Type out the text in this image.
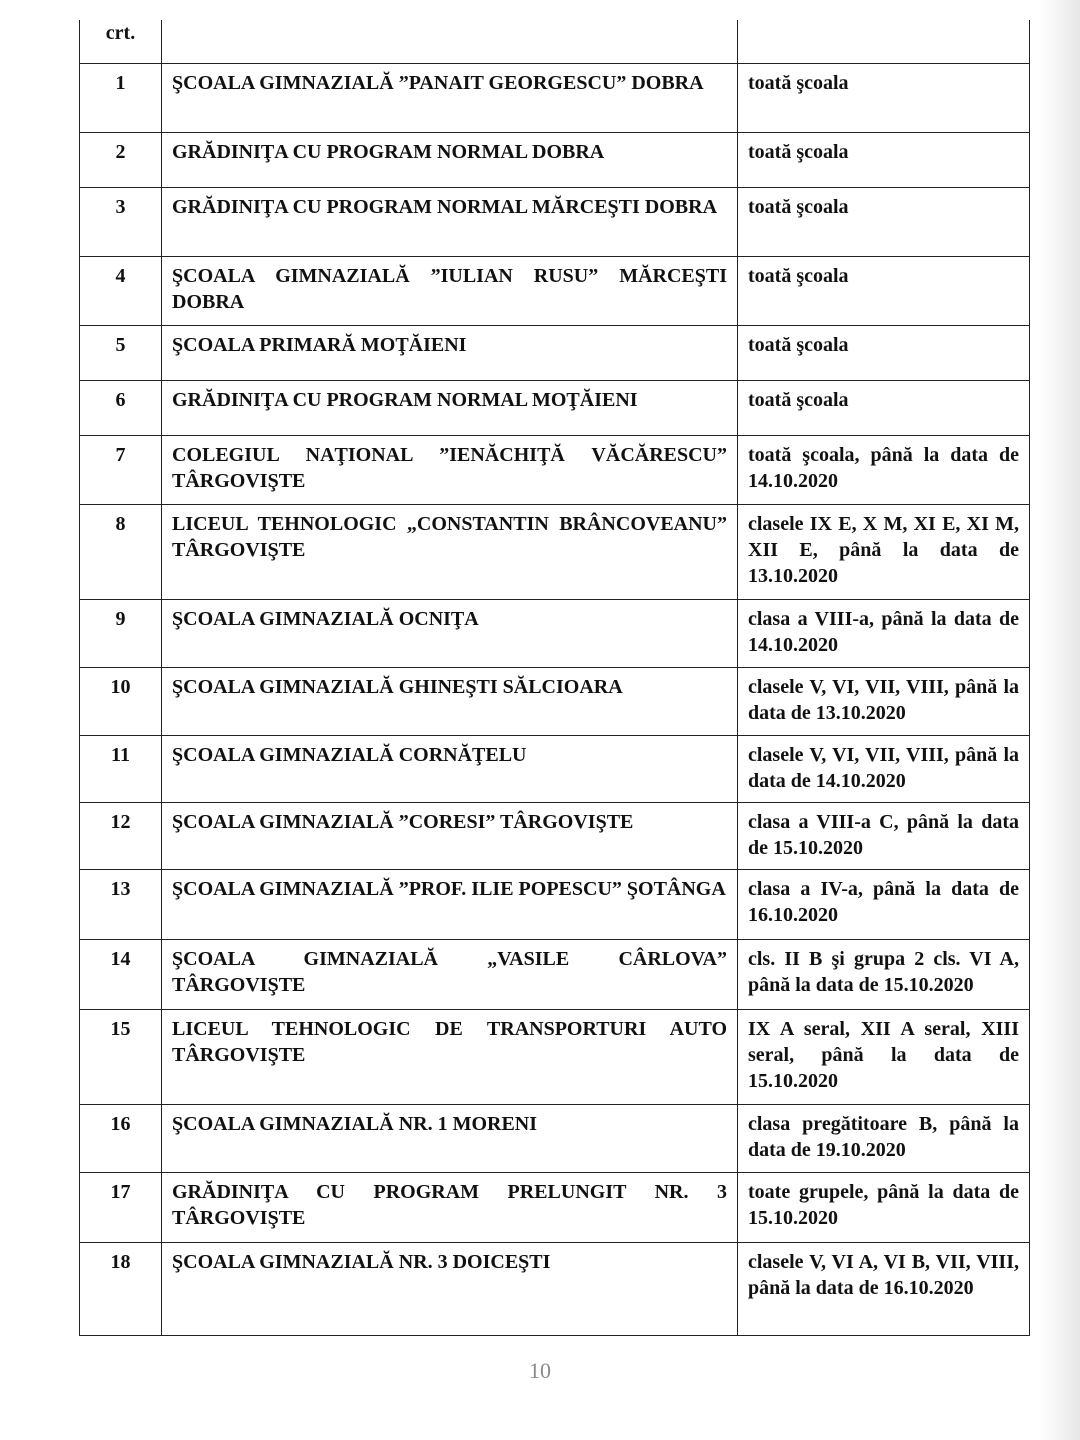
crt.		
1	ŞCOALA GIMNAZIALĂ ”PANAIT GEORGESCU” DOBRA	toată şcoala
2	GRĂDINIŢA CU PROGRAM NORMAL DOBRA	toată şcoala
3	GRĂDINIŢA CU PROGRAM NORMAL MĂRCEŞTI DOBRA	toată şcoala
4	ŞCOALA GIMNAZIALĂ ”IULIAN RUSU” MĂRCEŞTI DOBRA	toată şcoala
5	ŞCOALA PRIMARĂ MOŢĂIENI	toată şcoala
6	GRĂDINIŢA CU PROGRAM NORMAL MOŢĂIENI	toată şcoala
7	COLEGIUL NAŢIONAL ”IENĂCHIŢĂ VĂCĂRESCU” TÂRGOVIŞTE	toată şcoala, până la data de 14.10.2020
8	LICEUL TEHNOLOGIC „CONSTANTIN BRÂNCOVEANU” TÂRGOVIŞTE	clasele IX E, X M, XI E, XI M, XII E, până la data de 13.10.2020
9	ŞCOALA GIMNAZIALĂ OCNIŢA	clasa a VIII-a, până la data de 14.10.2020
10	ŞCOALA GIMNAZIALĂ GHINEŞTI SĂLCIOARA	clasele V, VI, VII, VIII, până la data de 13.10.2020
11	ŞCOALA GIMNAZIALĂ CORNĂŢELU	clasele V, VI, VII, VIII, până la data de 14.10.2020
12	ŞCOALA GIMNAZIALĂ ”CORESI” TÂRGOVIŞTE	clasa a VIII-a C, până la data de 15.10.2020
13	ŞCOALA GIMNAZIALĂ ”PROF. ILIE POPESCU” ŞOTÂNGA	clasa a IV-a, până la data de 16.10.2020
14	ŞCOALA GIMNAZIALĂ „VASILE CÂRLOVA” TÂRGOVIŞTE	cls. II B şi grupa 2 cls. VI A, până la data de 15.10.2020
15	LICEUL TEHNOLOGIC DE TRANSPORTURI AUTO TÂRGOVIŞTE	IX A seral, XII A seral, XIII seral, până la data de 15.10.2020
16	ŞCOALA GIMNAZIALĂ NR. 1 MORENI	clasa pregătitoare B, până la data de 19.10.2020
17	GRĂDINIŢA CU PROGRAM PRELUNGIT NR. 3 TÂRGOVIŞTE	toate grupele, până la data de 15.10.2020
18	ŞCOALA GIMNAZIALĂ NR. 3 DOICEŞTI	clasele V, VI A, VI B, VII, VIII, până la data de 16.10.2020
10
